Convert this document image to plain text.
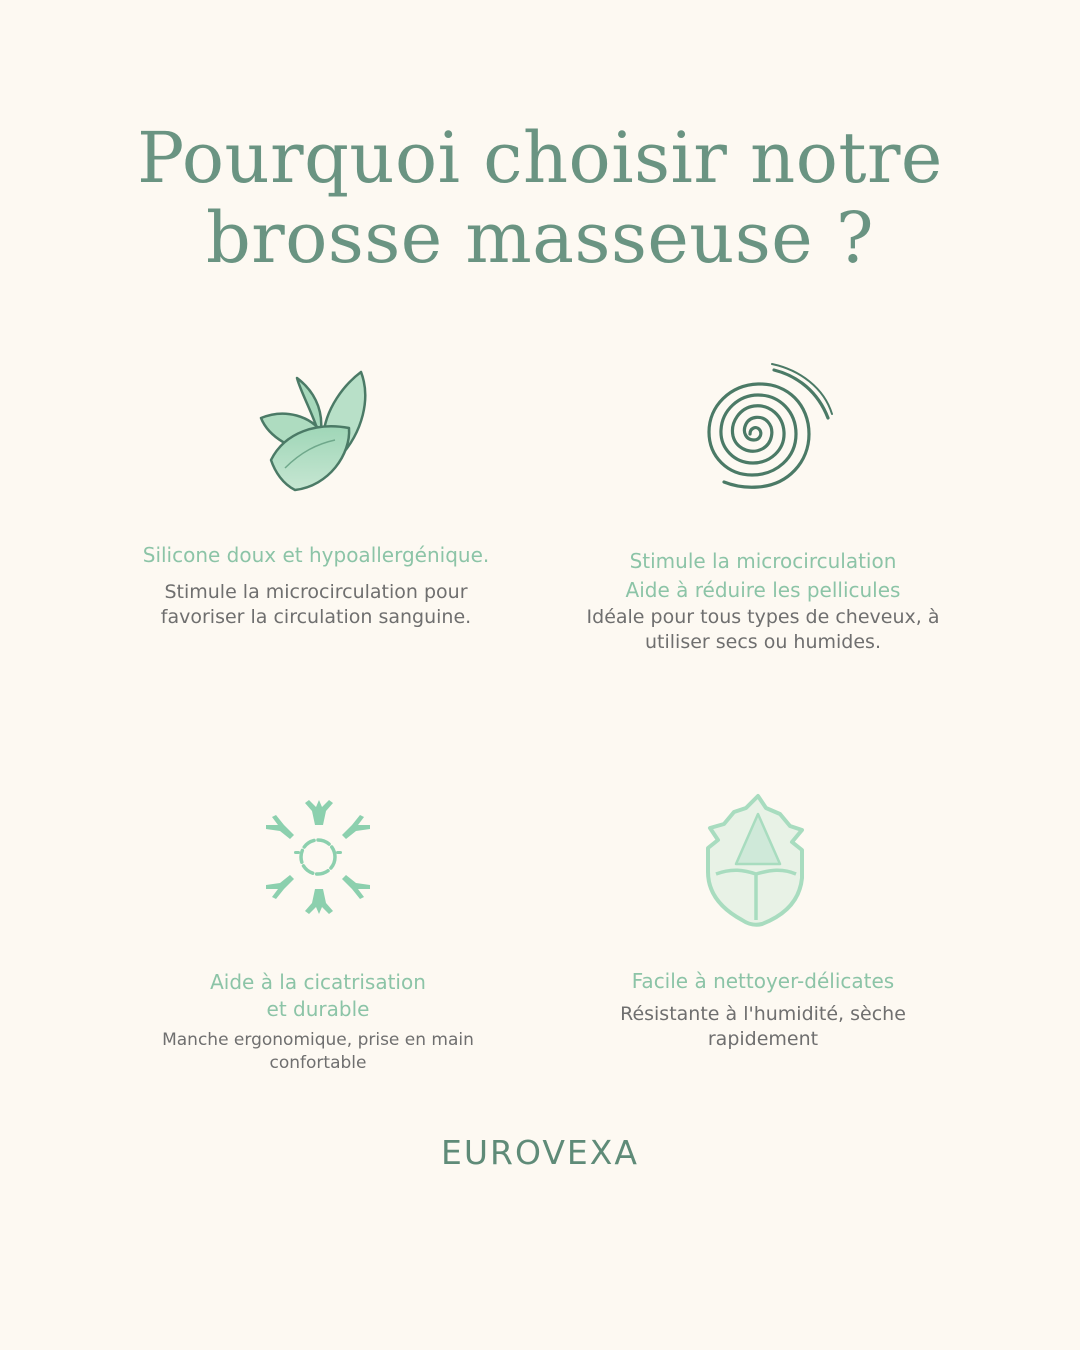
Pourquoi choisir notre
brosse masseuse ?
Silicone doux et hypoallergénique.
Stimule la microcirculation pour
favoriser la circulation sanguine.
Stimule la microcirculation
Aide à réduire les pellicules
Idéale pour tous types de cheveux, à
utiliser secs ou humides.
Aide à la cicatrisation
et durable
Manche ergonomique, prise en main
confortable
Facile à nettoyer-délicates
Résistante à l'humidité, sèche
rapidement
EUROVEXA
